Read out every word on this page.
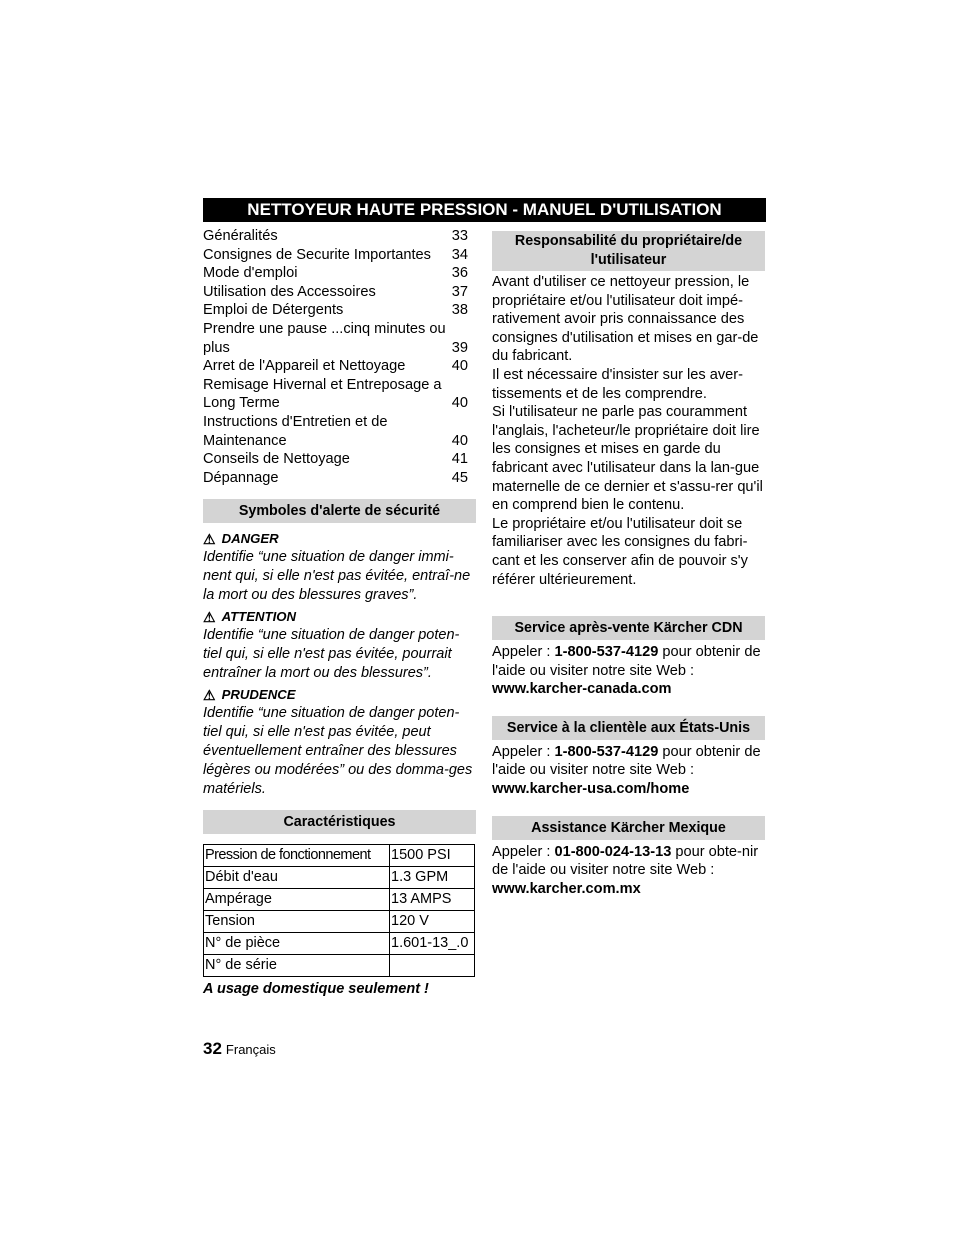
NETTOYEUR HAUTE PRESSION - MANUEL D'UTILISATION
Généralités	33
Consignes de Securite Importantes 34
Mode d'emploi	36
Utilisation des Accessoires	37
Emploi de Détergents	38
Prendre une pause ...cinq minutes ou plus	39
Arret de l'Appareil et Nettoyage	40
Remisage Hivernal et Entreposage a Long Terme	40
Instructions d'Entretien et de Maintenance	40
Conseils de Nettoyage	41
Dépannage	45
Symboles d'alerte de sécurité
⚠ DANGER
Identifie “une situation de danger immi-nent qui, si elle n'est pas évitée, entraî-ne la mort ou des blessures graves”.
⚠ ATTENTION
Identifie “une situation de danger poten-tiel qui, si elle n'est pas évitée, pourrait entraîner la mort ou des blessures”.
⚠ PRUDENCE
Identifie “une situation de danger poten-tiel qui, si elle n'est pas évitée, peut éventuellement entraîner des blessures légères ou modérées” ou des domma-ges matériels.
Caractéristiques
Pression de fonctionnement	1500 PSI
Débit d'eau	1.3 GPM
Ampérage	13 AMPS
Tension	120 V
N° de pièce	1.601-13_.0
N° de série	
A usage domestique seulement !
Responsabilité du propriétaire/de l'utilisateur
Avant d'utiliser ce nettoyeur pression, le propriétaire et/ou l'utilisateur doit impé-rativement avoir pris connaissance des consignes d'utilisation et mises en gar-de du fabricant.
Il est nécessaire d'insister sur les aver-tissements et de les comprendre.
Si l'utilisateur ne parle pas couramment l'anglais, l'acheteur/le propriétaire doit lire les consignes et mises en garde du fabricant avec l'utilisateur dans la lan-gue maternelle de ce dernier et s'assu-rer qu'il en comprend bien le contenu.
Le propriétaire et/ou l'utilisateur doit se familiariser avec les consignes du fabri-cant et les conserver afin de pouvoir s'y référer ultérieurement.
Service après-vente Kärcher CDN
Appeler : 1-800-537-4129 pour obtenir de l'aide ou visiter notre site Web : www.karcher-canada.com
Service à la clientèle aux États-Unis
Appeler : 1-800-537-4129 pour obtenir de l'aide ou visiter notre site Web : www.karcher-usa.com/home
Assistance Kärcher Mexique
Appeler : 01-800-024-13-13 pour obte-nir de l'aide ou visiter notre site Web : www.karcher.com.mx
32 Français
